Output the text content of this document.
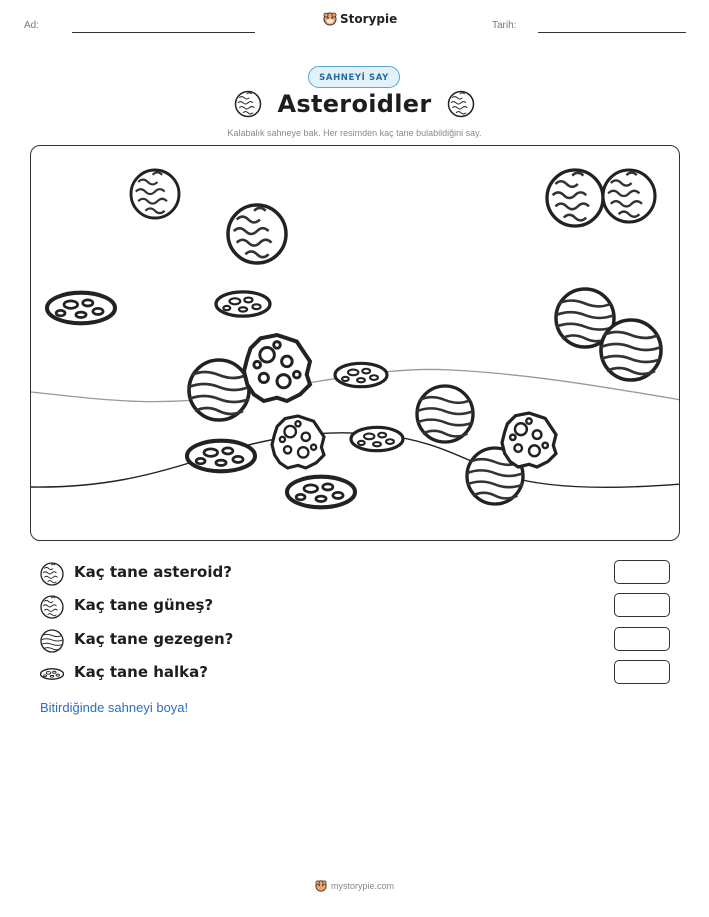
Ad:	Storypie	Tarih:
SAHNEYİ SAY
Asteroidler
Kalabalık sahneye bak. Her resimden kaç tane bulabildiğini say.
Kaç tane asteroid?
Kaç tane güneş?
Kaç tane gezegen?
Kaç tane halka?
Bitirdiğinde sahneyi boya!
mystorypie.com
